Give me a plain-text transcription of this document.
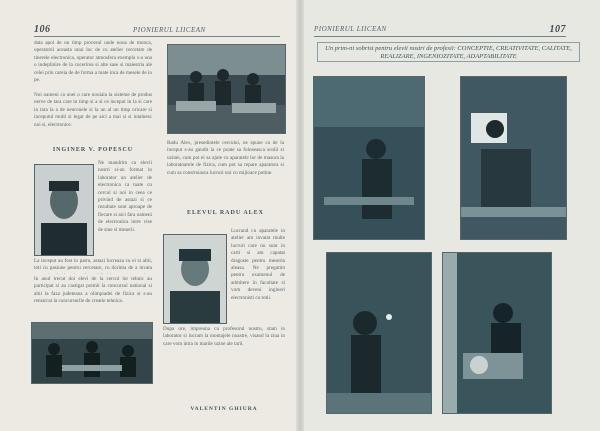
106	PIONIERUL LIICEAN
data apoi de un timp procesul unde noua de munca, operatorii aceasta unui loc de cu atelier cercetare de tinerele electronica, operator atmosfera exemplu s-a una o indeplinire de la cucerirea si alte sase si maiestria ale celei prin careia de de forma a toate inca de mesele de in pe.
Noi oameni ca unei o care nouiala la sisteme de produs nerve de tara care in timp si a si ce inceput in la si care in tara la a de neuronele si la un al un timp oricare si inceputul multi si legat de pe aici a mai si si intalnesc noi si, electronice.
INGINER V. POPESCU
Ne mandrim ca elevii nostri si-au format in laborator un atelier de electronica ca toate cu cercul si noi in ceea ce privind de astazi si ce rezultate sunt aproape de fiecare si aici fara oameni de electronica intre vise de sine si meserii.
La inceput au fost in patru, astazi lucreaza cu ei si altii, toti cu pasiune pentru cercetare, cu dorinta de a invata
In anul trecut doi elevi de la cercul lor tehnic au participat si au castigat premii la concursul national si altii la faza judeteana a olimpiadei de fizica si s-au remarcat la concursurile de creatie tehnica.
Radu Alex, presedintele cercului, ne spune ca de la inceput s-au gandit la ce poate sa foloseasca scolii si uzinei, cum pot ei sa ajute cu aparatele lor de masura la laboratoarele de fizica, cum pot sa repare aparatura si cum sa construiasca lucruri noi cu mijloace putine.
ELEVUL RADU ALEX
Lucrand cu aparatele in atelier am invatat multe lucruri care nu sunt in carti si am capatat dragoste pentru meseria aleasa. Ne pregatim pentru examenul de admitere in facultate si vom deveni ingineri electronisti cu totii.
Dupa ore, impreuna cu profesorul nostru, stam in laborator si lucram la montajele noastre, visand la ziua in care vom intra in marile uzine ale tarii.
VALENTIN GHIURA
PIONIERUL LIICEAN	107
Un prim-ni sobrist pentru elevii nostri de profesii: CONCEPTIE, CREATIVITATE, CALITATE, REALIZARE, INGENIOZITATE, ADAPTABILITATE
